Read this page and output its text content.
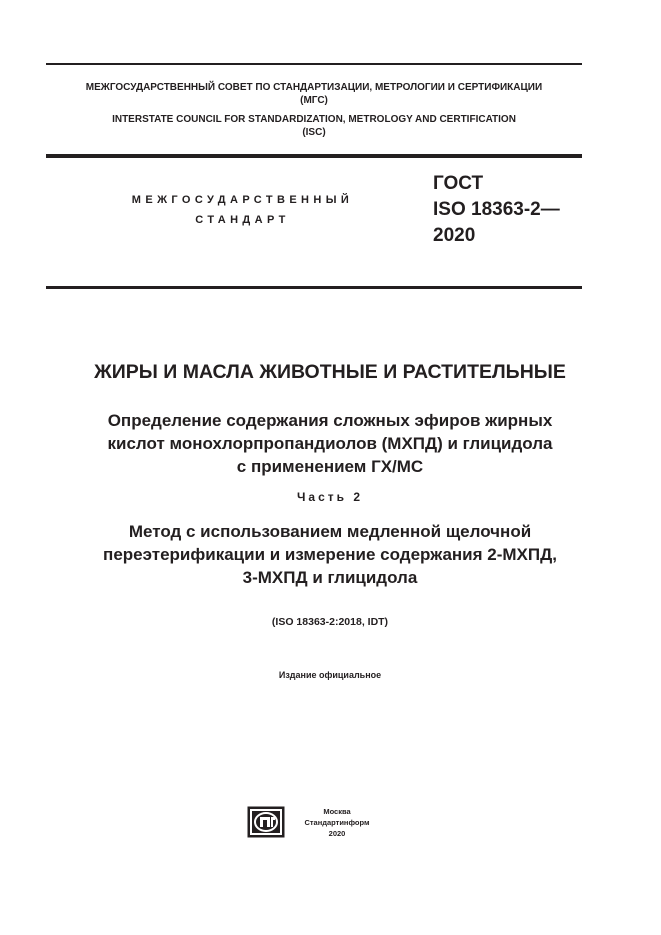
МЕЖГОСУДАРСТВЕННЫЙ СОВЕТ ПО СТАНДАРТИЗАЦИИ, МЕТРОЛОГИИ И СЕРТИФИКАЦИИ
(МГС)
INTERSTATE COUNCIL FOR STANDARDIZATION, METROLOGY AND CERTIFICATION
(ISC)
МЕЖГОСУДАРСТВЕННЫЙ
СТАНДАРТ
ГОСТ
ISO 18363-2—
2020
ЖИРЫ И МАСЛА ЖИВОТНЫЕ И РАСТИТЕЛЬНЫЕ
Определение содержания сложных эфиров жирных
кислот монохлорпропандиолов (МХПД) и глицидола
с применением ГХ/МС
Часть 2
Метод с использованием медленной щелочной
переэтерификации и измерение содержания 2-МХПД,
3-МХПД и глицидола
(ISO 18363-2:2018, IDT)
Издание официальное
Москва
Стандартинформ
2020
